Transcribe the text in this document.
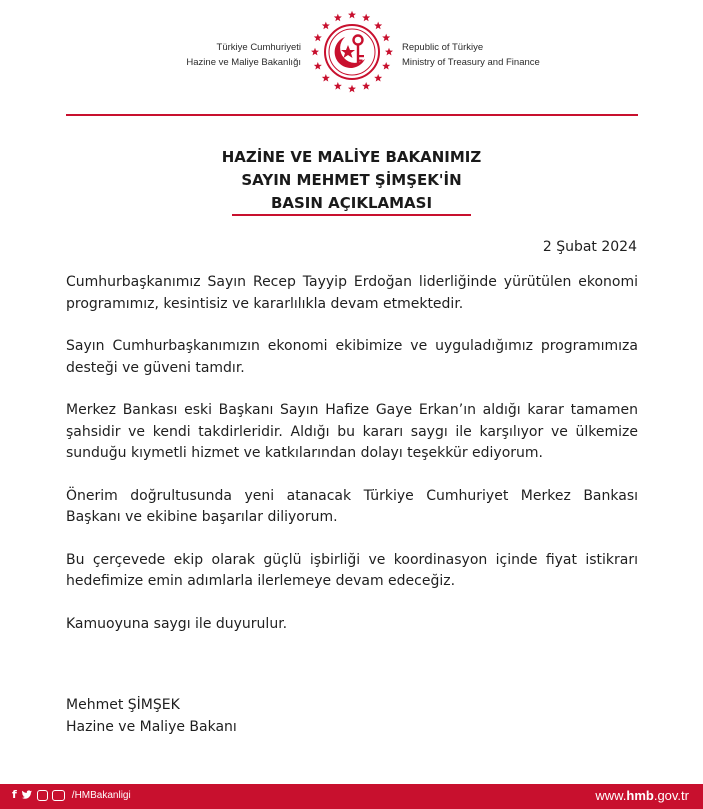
Türkiye Cumhuriyeti
Hazine ve Maliye Bakanlığı
Republic of Türkiye
Ministry of Treasury and Finance
HAZİNE VE MALİYE BAKANIMIZ
SAYIN MEHMET ŞİMŞEK'İN
BASIN AÇIKLAMASI
2 Şubat 2024

Cumhurbaşkanımız Sayın Recep Tayyip Erdoğan liderliğinde yürütülen ekonomi programımız, kesintisiz ve kararlılıkla devam etmektedir.

Sayın Cumhurbaşkanımızın ekonomi ekibimize ve uyguladığımız programımıza desteği ve güveni tamdır.

Merkez Bankası eski Başkanı Sayın Hafize Gaye Erkan’ın aldığı karar tamamen şahsidir ve kendi takdirleridir. Aldığı bu kararı saygı ile karşılıyor ve ülkemize sunduğu kıymetli hizmet ve katkılarından dolayı teşekkür ediyorum.

Önerim doğrultusunda yeni atanacak Türkiye Cumhuriyet Merkez Bankası Başkanı ve ekibine başarılar diliyorum.

Bu çerçevede ekip olarak güçlü işbirliği ve koordinasyon içinde fiyat istikrarı hedefimize emin adımlarla ilerlemeye devam edeceğiz.

Kamuoyuna saygı ile duyurulur.

Mehmet ŞİMŞEK
Hazine ve Maliye Bakanı
f	/HMBakanligi	www.hmb.gov.tr
